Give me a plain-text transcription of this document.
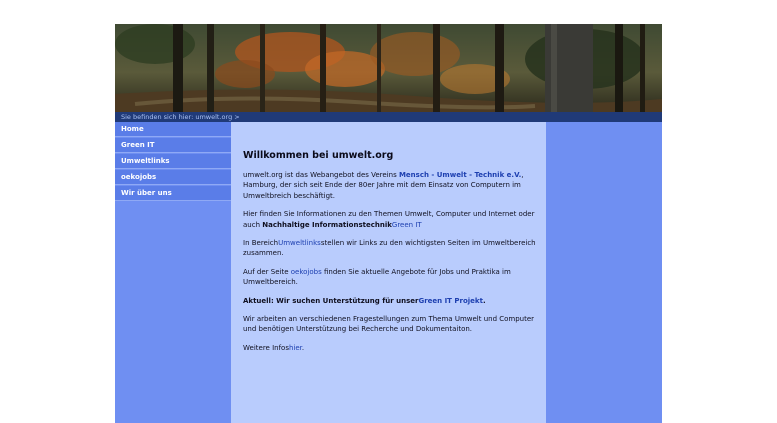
Sie befinden sich hier: umwelt.org >
Home
Green IT
Umweltlinks
oekojobs
Wir über uns
Willkommen bei umwelt.org

umwelt.org ist das Webangebot des Vereins Mensch - Umwelt - Technik e.V., Hamburg, der sich seit Ende der 80er Jahre mit dem Einsatz von Computern im Umweltbreich beschäftigt.

Hier finden Sie Informationen zu den Themen Umwelt, Computer und Internet oder auch Nachhaltige InformationstechnikGreen IT

In BereichUmweltlinksstellen wir Links zu den wichtigsten Seiten im Umweltbereich zusammen.

Auf der Seite oekojobs finden Sie aktuelle Angebote für Jobs und Praktika im Umweltbereich.

Aktuell: Wir suchen Unterstützung für unserGreen IT Projekt.

Wir arbeiten an verschiedenen Fragestellungen zum Thema Umwelt und Computer und benötigen Unterstützung bei Recherche und Dokumentaiton.

Weitere Infoshier.
